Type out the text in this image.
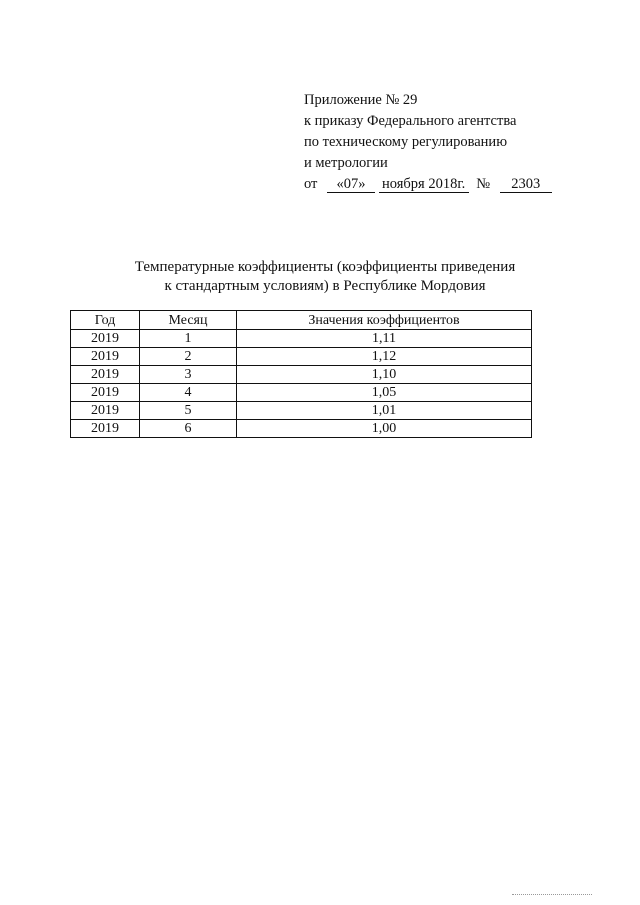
Приложение № 29
к приказу Федерального агентства
по техническому регулированию
и метрологии
от «07» ноября 2018г. № 2303
Температурные коэффициенты (коэффициенты приведения
к стандартным условиям) в Республике Мордовия
Год	Месяц	Значения коэффициентов
2019	1	1,11
2019	2	1,12
2019	3	1,10
2019	4	1,05
2019	5	1,01
2019	6	1,00
